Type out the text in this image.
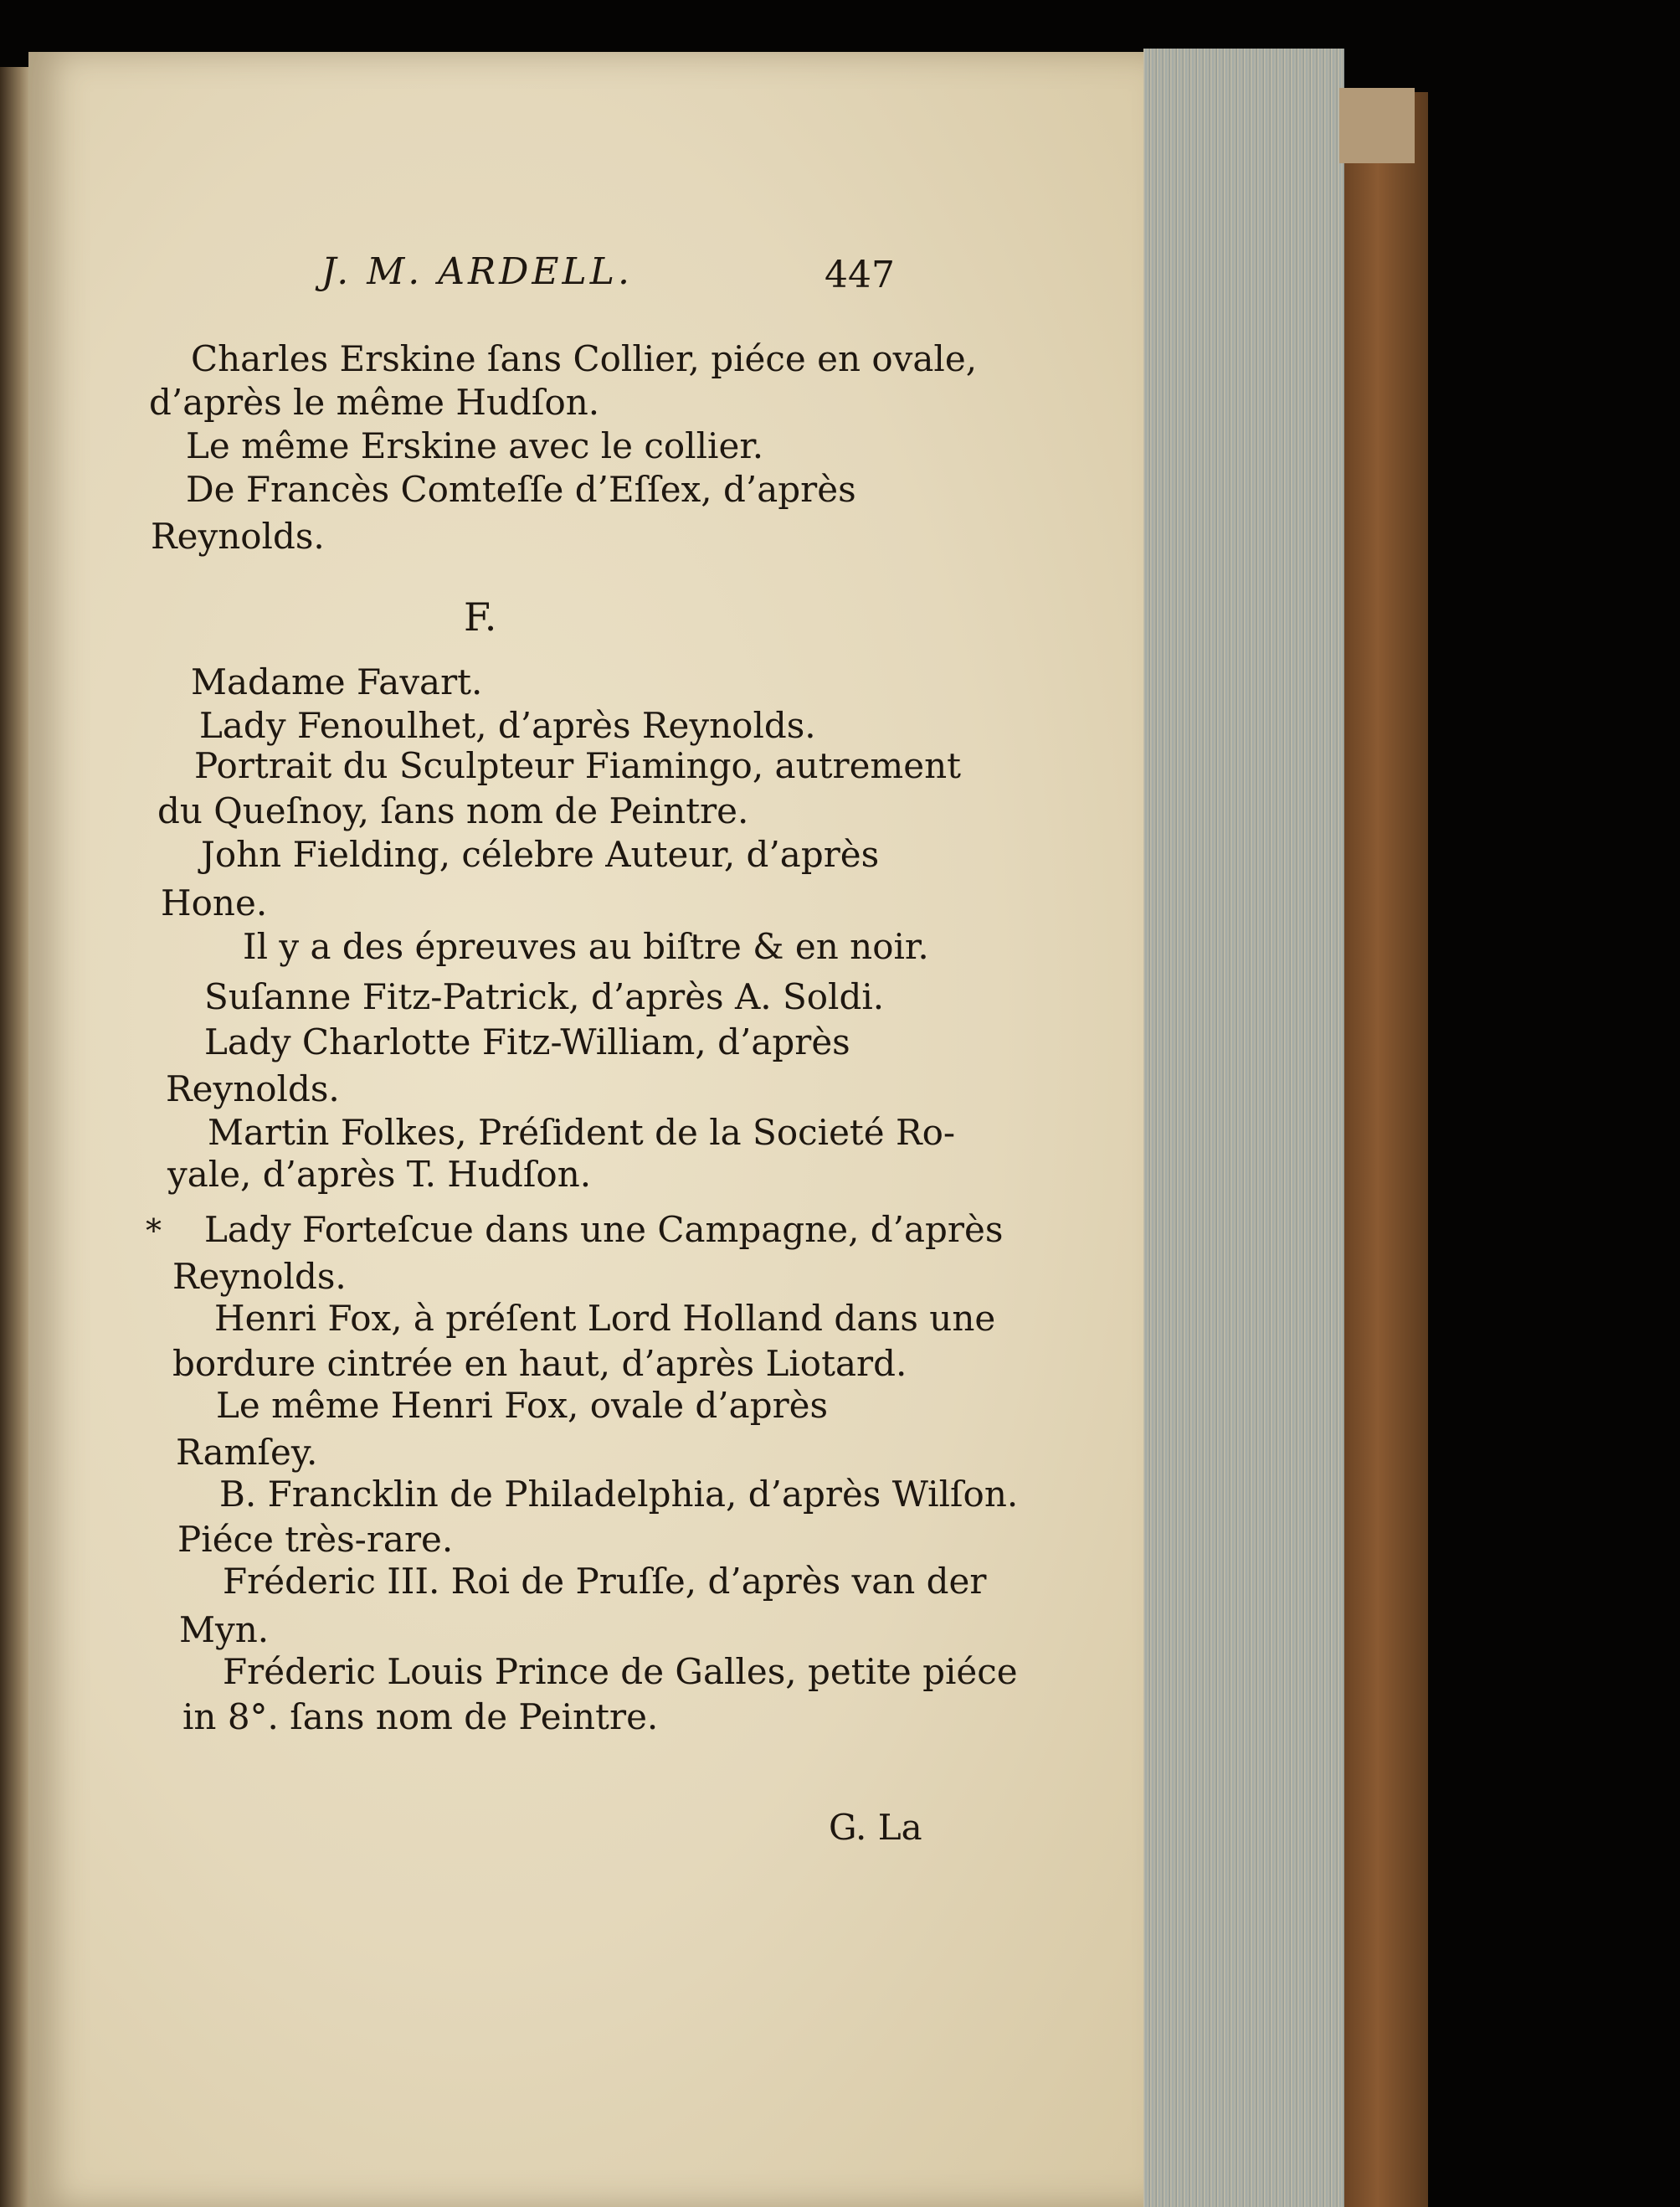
J. M. ARDELL.	447

Charles Erskine ſans Collier, piéce en ovale,

d’après le même Hudſon.

Le même Erskine avec le collier.

De Francès Comteſſe d’Eſſex, d’après

Reynolds.

F.

Madame Favart.

Lady Fenoulhet, d’après Reynolds.

Portrait du Sculpteur Fiamingo, autrement

du Queſnoy, ſans nom de Peintre.

John Fielding, célebre Auteur, d’après

Hone.

Il y a des épreuves au biſtre & en noir.

Suſanne Fitz-Patrick, d’après A. Soldi.

Lady Charlotte Fitz-William, d’après

Reynolds.

Martin Folkes, Préſident de la Societé Ro-

yale, d’après T. Hudſon.

* Lady Forteſcue dans une Campagne, d’après

Reynolds.

Henri Fox, à préſent Lord Holland dans une

bordure cintrée en haut, d’après Liotard.

Le même Henri Fox, ovale d’après

Ramſey.

B. Francklin de Philadelphia, d’après Wilſon.

Piéce très-rare.

Fréderic III. Roi de Pruſſe, d’après van der

Myn.

Fréderic Louis Prince de Galles, petite piéce

in 8°. ſans nom de Peintre.

G. La
